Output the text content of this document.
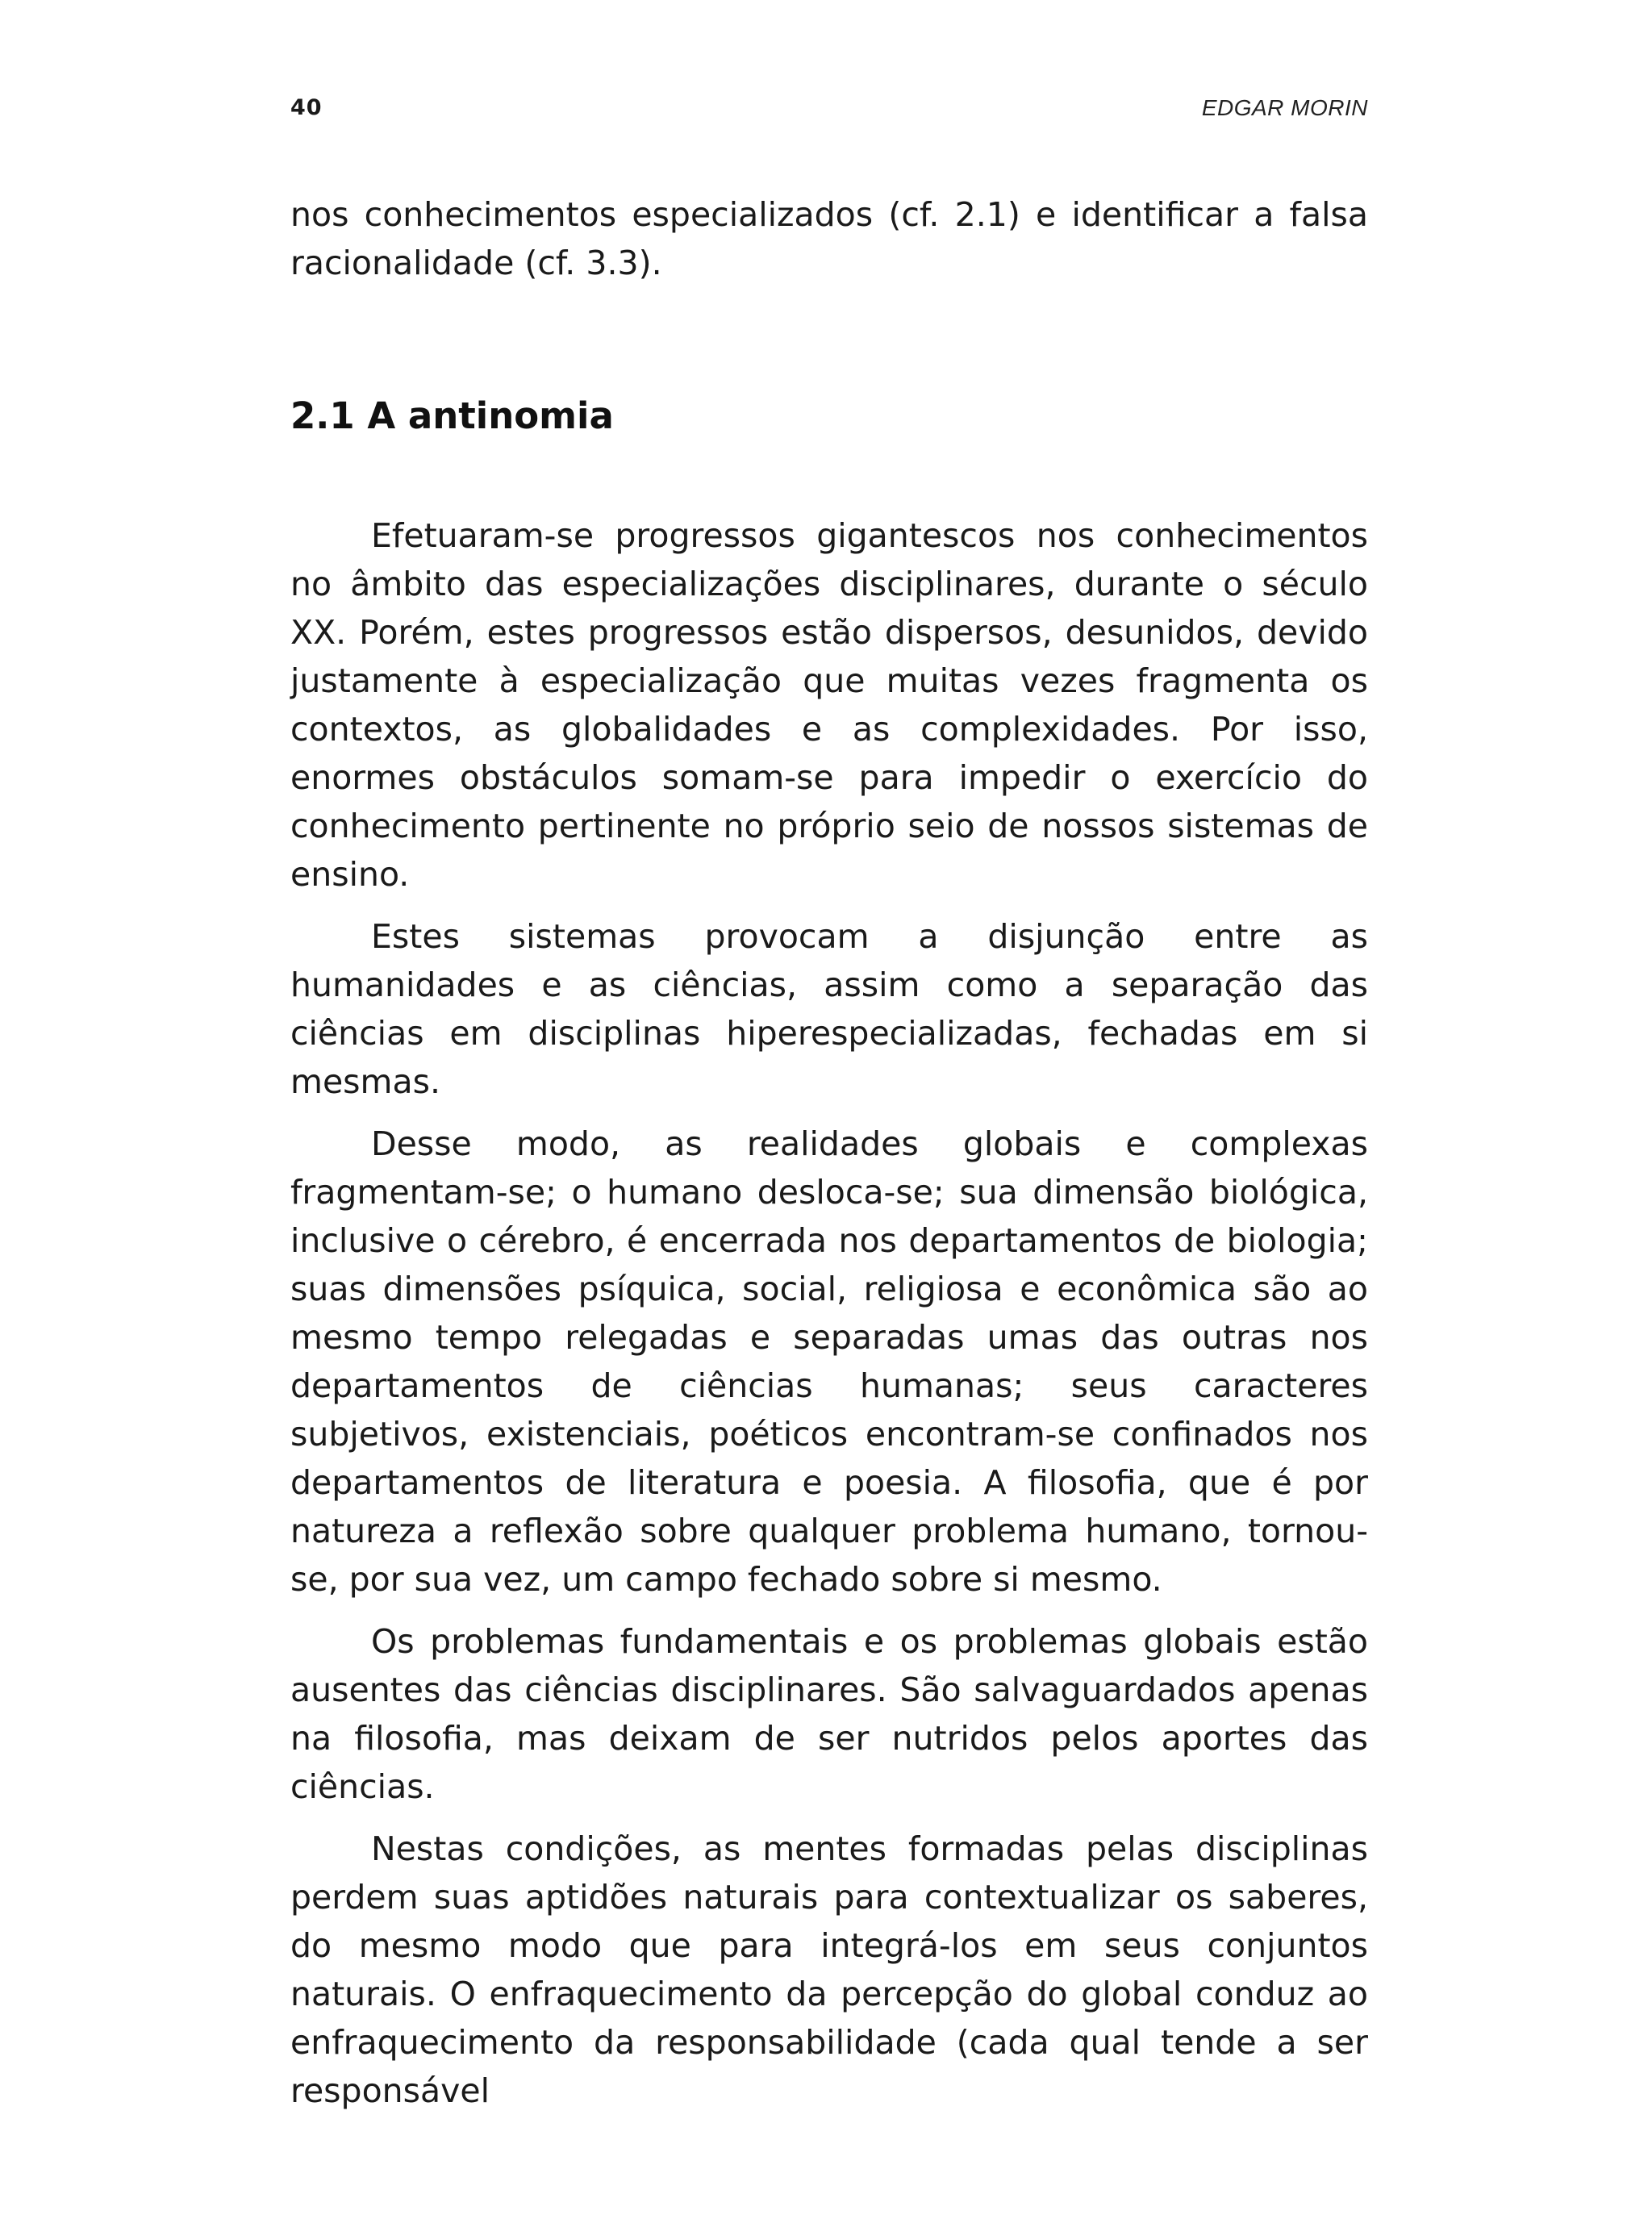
40	EDGAR MORIN

nos conhecimentos especializados (cf. 2.1) e identificar a falsa racionalidade (cf. 3.3).

2.1 A antinomia

Efetuaram-se progressos gigantescos nos conhecimentos no âmbito das especializações disciplinares, durante o século XX. Porém, estes progressos estão dispersos, desunidos, devido justamente à especialização que muitas vezes fragmenta os contextos, as globalidades e as complexidades. Por isso, enormes obstáculos somam-se para impedir o exercício do conhecimento pertinente no próprio seio de nossos sistemas de ensino.

Estes sistemas provocam a disjunção entre as humanidades e as ciências, assim como a separação das ciências em disciplinas hiperespecializadas, fechadas em si mesmas.

Desse modo, as realidades globais e complexas fragmentam-se; o humano desloca-se; sua dimensão biológica, inclusive o cérebro, é encerrada nos departamentos de biologia; suas dimensões psíquica, social, religiosa e econômica são ao mesmo tempo relegadas e separadas umas das outras nos departamentos de ciências humanas; seus caracteres subjetivos, existenciais, poéticos encontram-se confinados nos departamentos de literatura e poesia. A filosofia, que é por natureza a reflexão sobre qualquer problema humano, tornou-se, por sua vez, um campo fechado sobre si mesmo.

Os problemas fundamentais e os problemas globais estão ausentes das ciências disciplinares. São salvaguardados apenas na filosofia, mas deixam de ser nutridos pelos aportes das ciências.

Nestas condições, as mentes formadas pelas disciplinas perdem suas aptidões naturais para contextualizar os saberes, do mesmo modo que para integrá-los em seus conjuntos naturais. O enfraquecimento da percepção do global conduz ao enfraquecimento da responsabilidade (cada qual tende a ser responsável
